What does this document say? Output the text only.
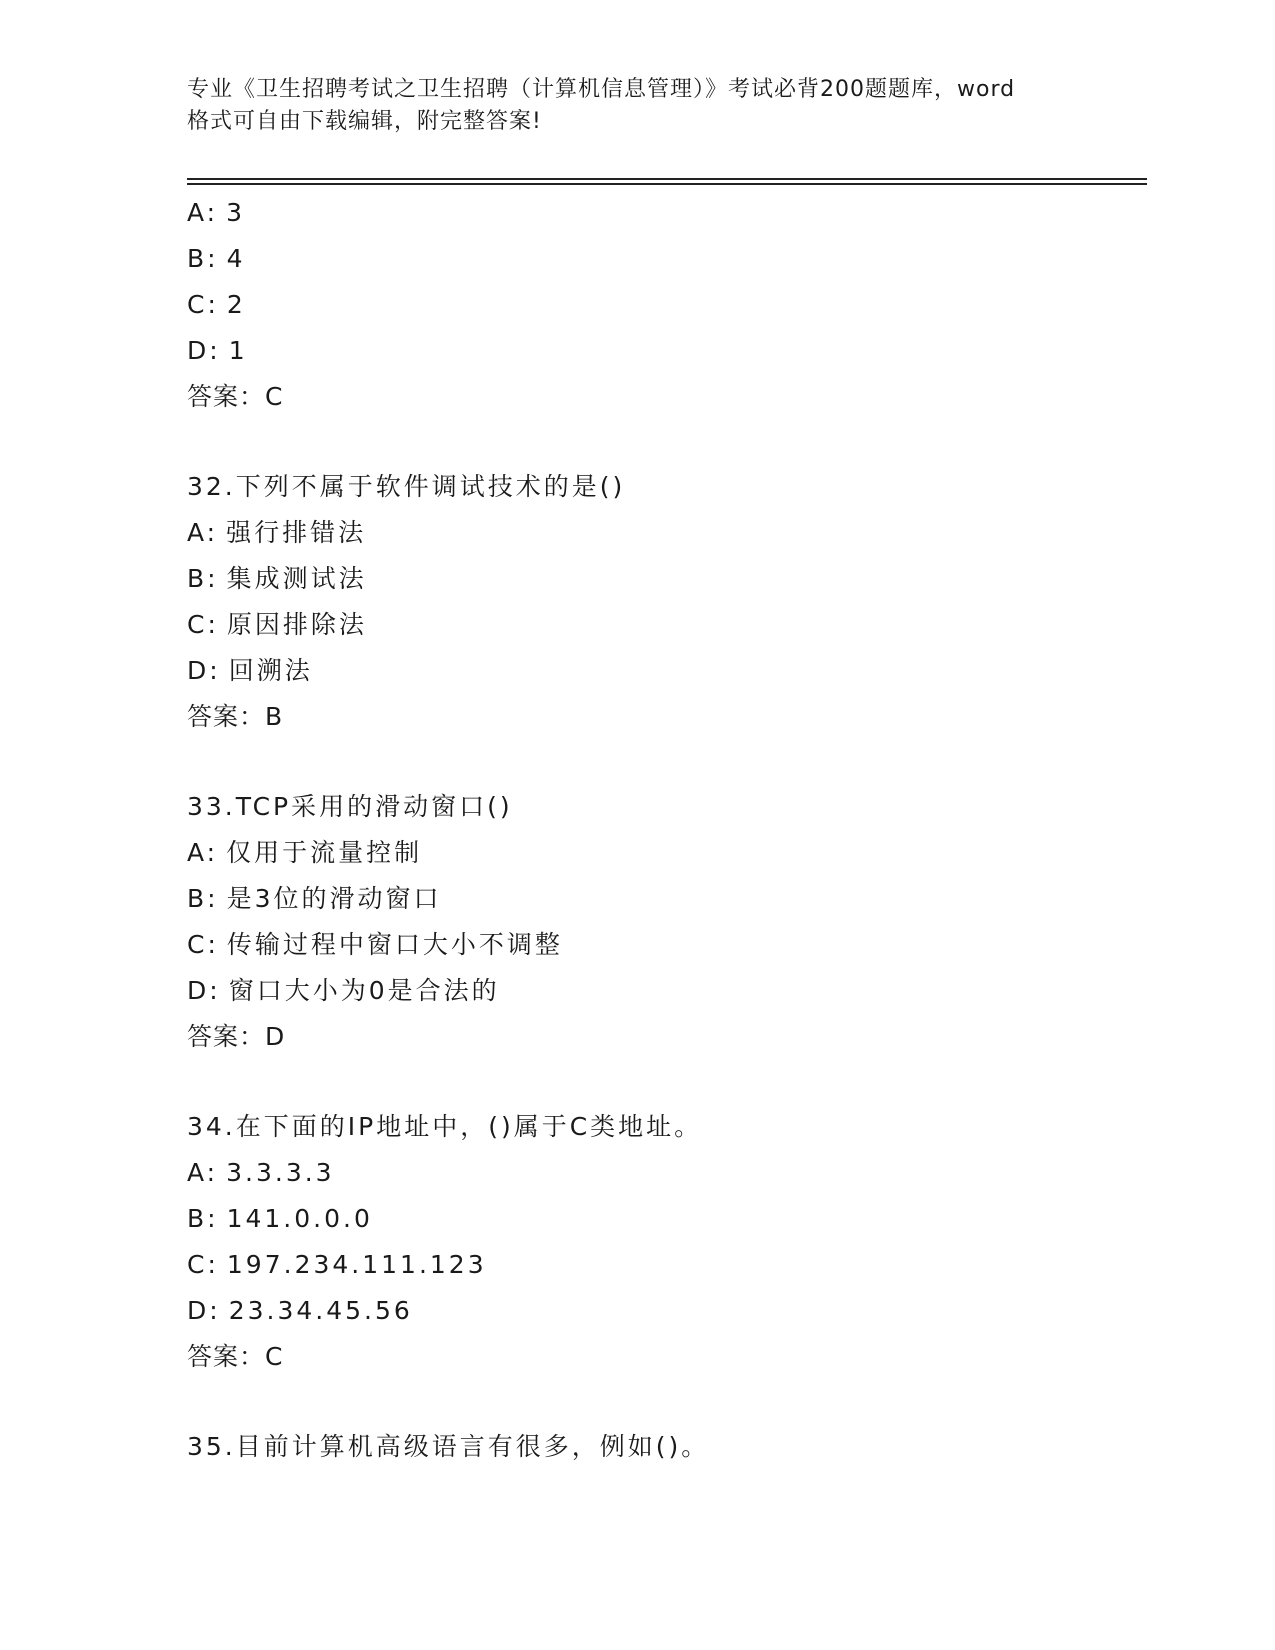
专业《卫生招聘考试之卫生招聘（计算机信息管理）》考试必背200题题库，word
格式可自由下载编辑，附完整答案!
A: 3
B: 4
C: 2
D: 1
答案：C
32.下列不属于软件调试技术的是()
A: 强行排错法
B: 集成测试法
C: 原因排除法
D: 回溯法
答案：B
33.TCP采用的滑动窗口()
A: 仅用于流量控制
B: 是3位的滑动窗口
C: 传输过程中窗口大小不调整
D: 窗口大小为0是合法的
答案：D
34.在下面的IP地址中，()属于C类地址。
A: 3.3.3.3
B: 141.0.0.0
C: 197.234.111.123
D: 23.34.45.56
答案：C
35.目前计算机高级语言有很多，例如()。
